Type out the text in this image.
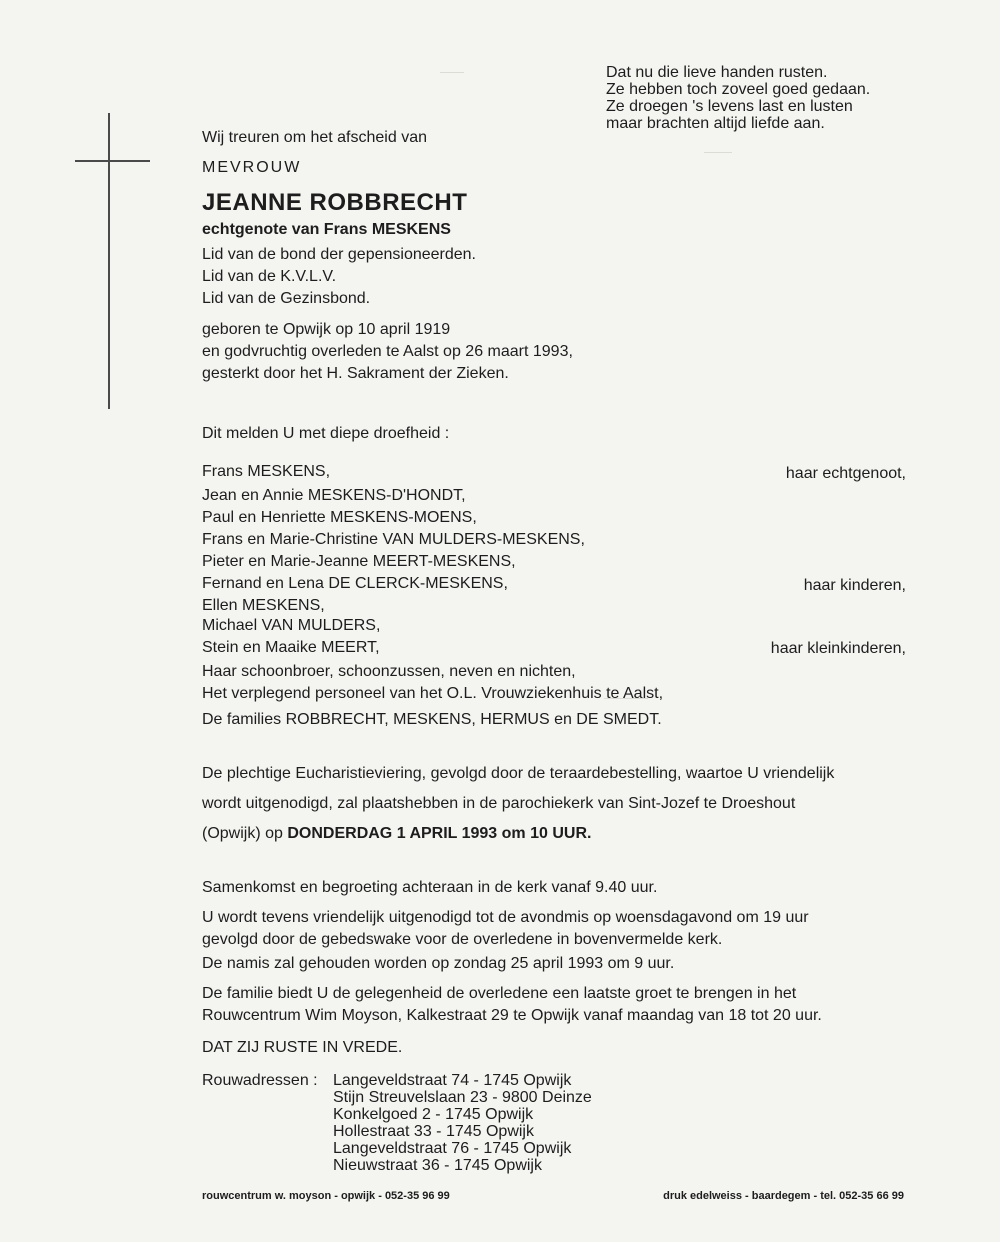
Dat nu die lieve handen rusten.
Ze hebben toch zoveel goed gedaan.
Ze droegen 's levens last en lusten
maar brachten altijd liefde aan.
Wij treuren om het afscheid van
MEVROUW
JEANNE ROBBRECHT
echtgenote van Frans MESKENS
Lid van de bond der gepensioneerden.
Lid van de K.V.L.V.
Lid van de Gezinsbond.
geboren te Opwijk op 10 april 1919
en godvruchtig overleden te Aalst op 26 maart 1993,
gesterkt door het H. Sakrament der Zieken.
Dit melden U met diepe droefheid :
Frans MESKENS,
Jean en Annie MESKENS-D'HONDT,
Paul en Henriette MESKENS-MOENS,
Frans en Marie-Christine VAN MULDERS-MESKENS,
Pieter en Marie-Jeanne MEERT-MESKENS,
Fernand en Lena DE CLERCK-MESKENS,
Ellen MESKENS,
Michael VAN MULDERS,
Stein en Maaike MEERT,
Haar schoonbroer, schoonzussen, neven en nichten,
Het verplegend personeel van het O.L. Vrouwziekenhuis te Aalst,
De families ROBBRECHT, MESKENS, HERMUS en DE SMEDT.
haar echtgenoot,
haar kinderen,
haar kleinkinderen,
De plechtige Eucharistieviering, gevolgd door de teraardebestelling, waartoe U vriendelijk
wordt uitgenodigd, zal plaatshebben in de parochiekerk van Sint-Jozef te Droeshout
(Opwijk) op DONDERDAG 1 APRIL 1993 om 10 UUR.
Samenkomst en begroeting achteraan in de kerk vanaf 9.40 uur.
U wordt tevens vriendelijk uitgenodigd tot de avondmis op woensdagavond om 19 uur
gevolgd door de gebedswake voor de overledene in bovenvermelde kerk.
De namis zal gehouden worden op zondag 25 april 1993 om 9 uur.
De familie biedt U de gelegenheid de overledene een laatste groet te brengen in het
Rouwcentrum Wim Moyson, Kalkestraat 29 te Opwijk vanaf maandag van 18 tot 20 uur.
DAT ZIJ RUSTE IN VREDE.
Rouwadressen : Langeveldstraat 74 - 1745 Opwijk
Stijn Streuvelslaan 23 - 9800 Deinze
Konkelgoed 2 - 1745 Opwijk
Hollestraat 33 - 1745 Opwijk
Langeveldstraat 76 - 1745 Opwijk
Nieuwstraat 36 - 1745 Opwijk
rouwcentrum w. moyson - opwijk - 052-35 96 99	druk edelweiss - baardegem - tel. 052-35 66 99
